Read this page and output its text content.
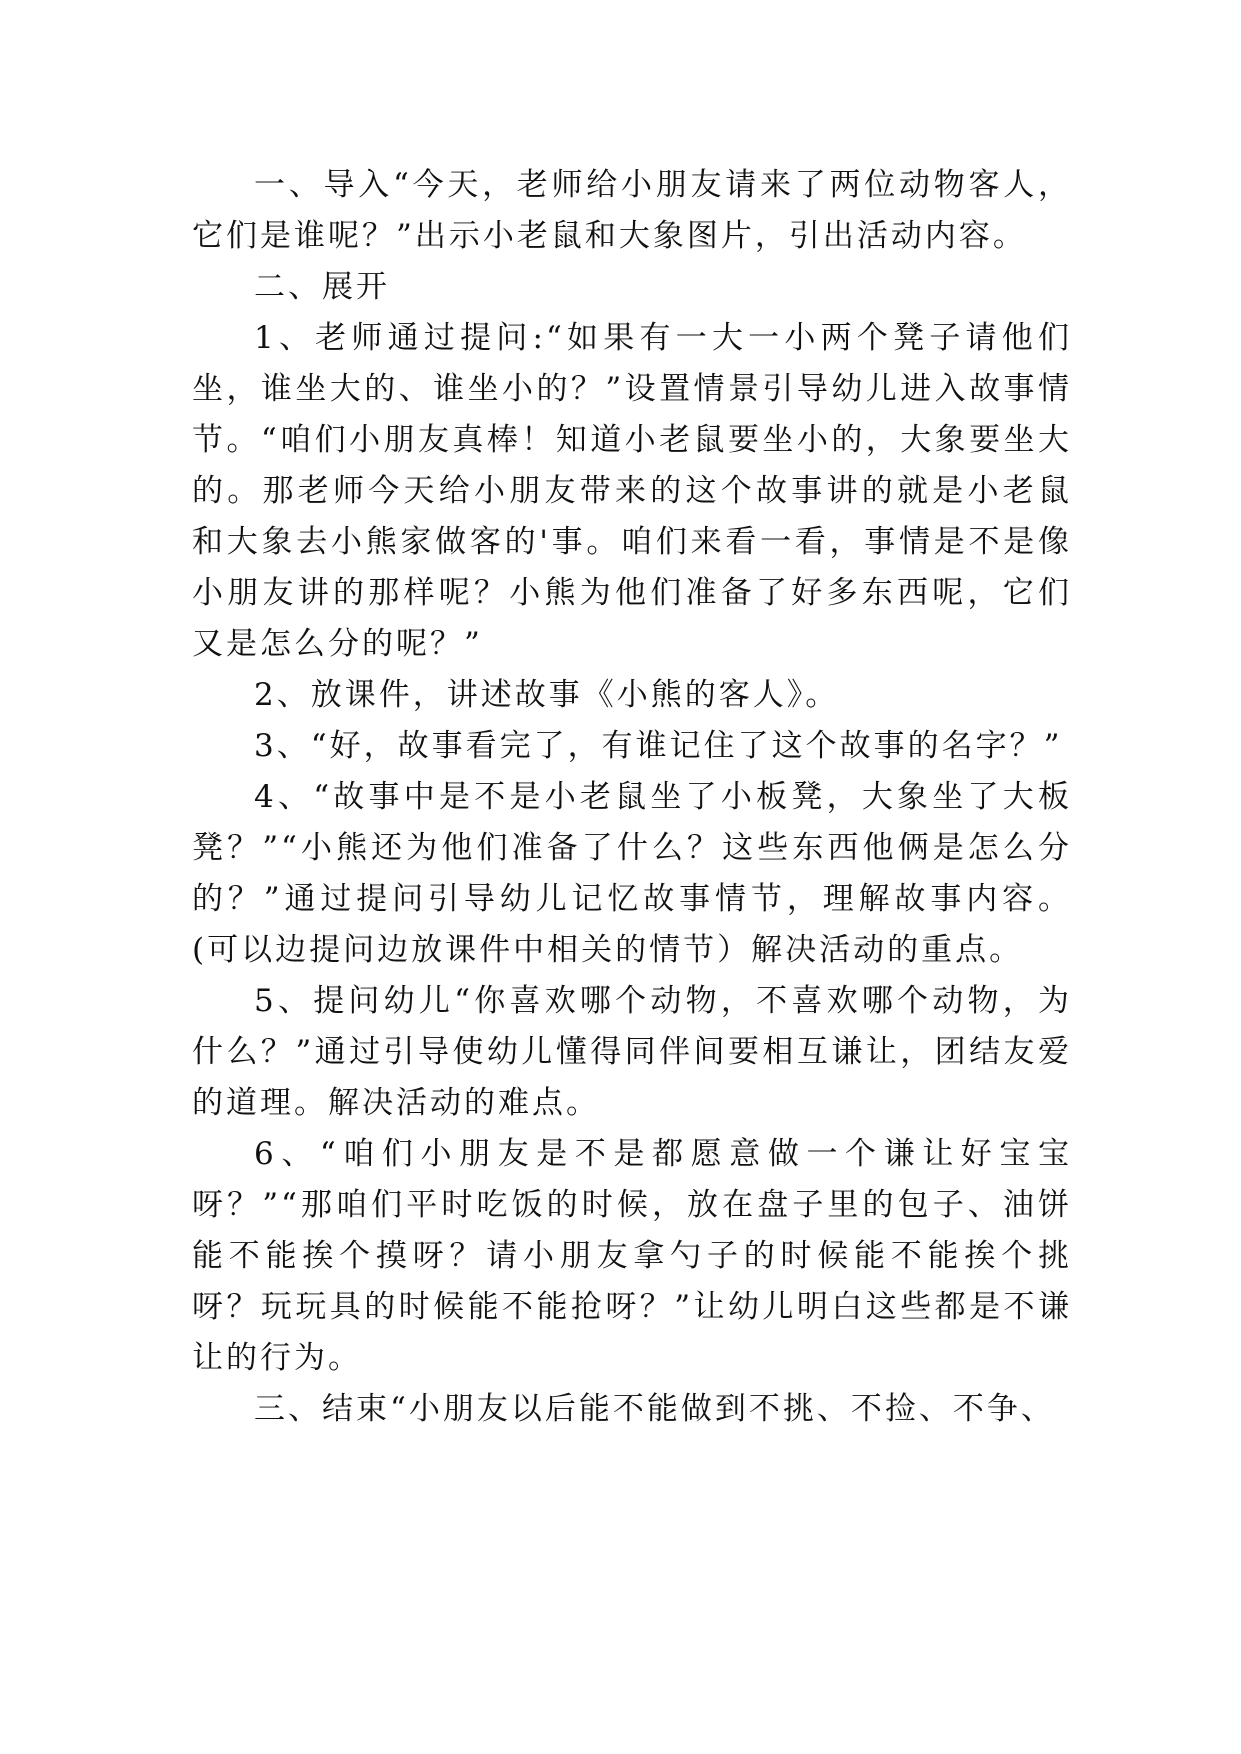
一、导入“今天，老师给小朋友请来了两位动物客人，它们是谁呢？”出示小老鼠和大象图片，引出活动内容。

二、展开

1、老师通过提问:“如果有一大一小两个凳子请他们坐，谁坐大的、谁坐小的？”设置情景引导幼儿进入故事情节。“咱们小朋友真棒！知道小老鼠要坐小的，大象要坐大的。那老师今天给小朋友带来的这个故事讲的就是小老鼠和大象去小熊家做客的'事。咱们来看一看，事情是不是像小朋友讲的那样呢？小熊为他们准备了好多东西呢，它们又是怎么分的呢？”

2、放课件，讲述故事《小熊的客人》。

3、“好，故事看完了，有谁记住了这个故事的名字？”

4、“故事中是不是小老鼠坐了小板凳，大象坐了大板凳？”“小熊还为他们准备了什么？这些东西他俩是怎么分的？”通过提问引导幼儿记忆故事情节，理解故事内容。(可以边提问边放课件中相关的情节）解决活动的重点。

5、提问幼儿“你喜欢哪个动物，不喜欢哪个动物，为什么？”通过引导使幼儿懂得同伴间要相互谦让，团结友爱的道理。解决活动的难点。

6、“咱们小朋友是不是都愿意做一个谦让好宝宝呀？”“那咱们平时吃饭的时候，放在盘子里的包子、油饼能不能挨个摸呀？请小朋友拿勺子的时候能不能挨个挑呀？玩玩具的时候能不能抢呀？”让幼儿明白这些都是不谦让的行为。

三、结束“小朋友以后能不能做到不挑、不捡、不争、
